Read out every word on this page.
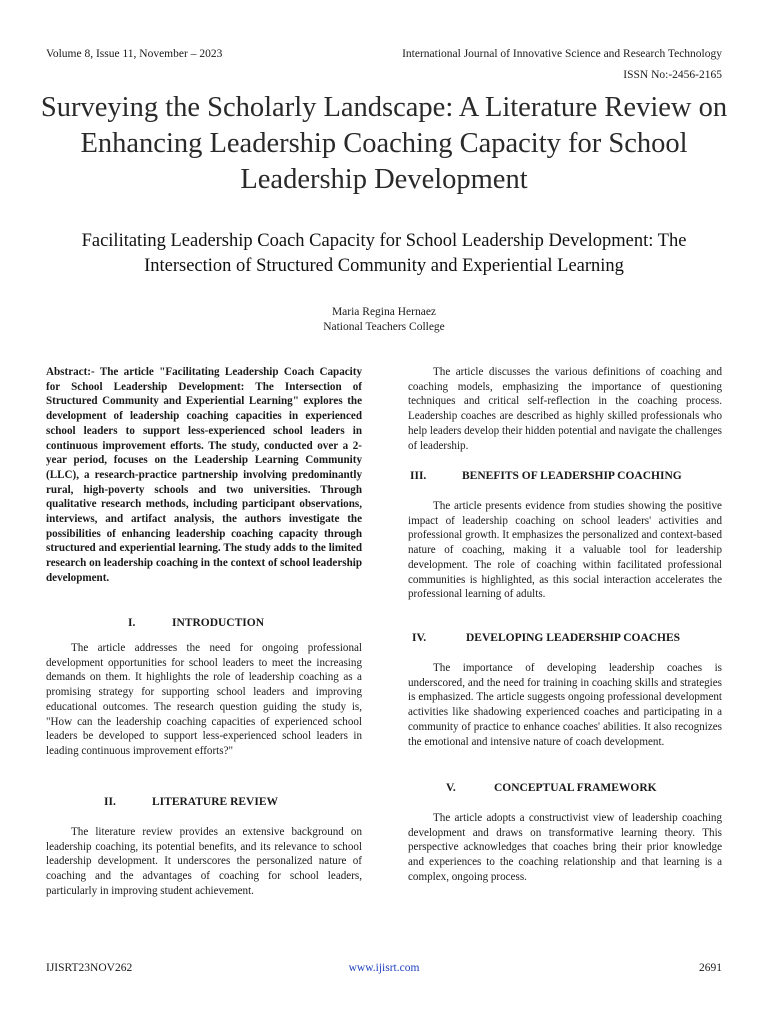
Volume 8, Issue 11, November – 2023	International Journal of Innovative Science and Research Technology
ISSN No:-2456-2165
Surveying the Scholarly Landscape: A Literature Review on Enhancing Leadership Coaching Capacity for School Leadership Development
Facilitating Leadership Coach Capacity for School Leadership Development: The Intersection of Structured Community and Experiential Learning
Maria Regina Hernaez
National Teachers College

Abstract:- The article "Facilitating Leadership Coach Capacity for School Leadership Development: The Intersection of Structured Community and Experiential Learning" explores the development of leadership coaching capacities in experienced school leaders to support less-experienced school leaders in continuous improvement efforts. The study, conducted over a 2-year period, focuses on the Leadership Learning Community (LLC), a research-practice partnership involving predominantly rural, high-poverty schools and two universities. Through qualitative research methods, including participant observations, interviews, and artifact analysis, the authors investigate the possibilities of enhancing leadership coaching capacity through structured and experiential learning. The study adds to the limited research on leadership coaching in the context of school leadership development.

I.	INTRODUCTION

The article addresses the need for ongoing professional development opportunities for school leaders to meet the increasing demands on them. It highlights the role of leadership coaching as a promising strategy for supporting school leaders and improving educational outcomes. The research question guiding the study is, "How can the leadership coaching capacities of experienced school leaders be developed to support less-experienced school leaders in leading continuous improvement efforts?"

II.	LITERATURE REVIEW

The literature review provides an extensive background on leadership coaching, its potential benefits, and its relevance to school leadership development. It underscores the personalized nature of coaching and the advantages of coaching for school leaders, particularly in improving student achievement.

The article discusses the various definitions of coaching and coaching models, emphasizing the importance of questioning techniques and critical self-reflection in the coaching process. Leadership coaches are described as highly skilled professionals who help leaders develop their hidden potential and navigate the challenges of leadership.

III.	BENEFITS OF LEADERSHIP COACHING

The article presents evidence from studies showing the positive impact of leadership coaching on school leaders' activities and professional growth. It emphasizes the personalized and context-based nature of coaching, making it a valuable tool for leadership development. The role of coaching within facilitated professional communities is highlighted, as this social interaction accelerates the professional learning of adults.

IV.	DEVELOPING LEADERSHIP COACHES

The importance of developing leadership coaches is underscored, and the need for training in coaching skills and strategies is emphasized. The article suggests ongoing professional development activities like shadowing experienced coaches and participating in a community of practice to enhance coaches' abilities. It also recognizes the emotional and intensive nature of coach development.

V.	CONCEPTUAL FRAMEWORK

The article adopts a constructivist view of leadership coaching development and draws on transformative learning theory. This perspective acknowledges that coaches bring their prior knowledge and experiences to the coaching relationship and that learning is a complex, ongoing process.

IJISRT23NOV262	www.ijisrt.com	2691
